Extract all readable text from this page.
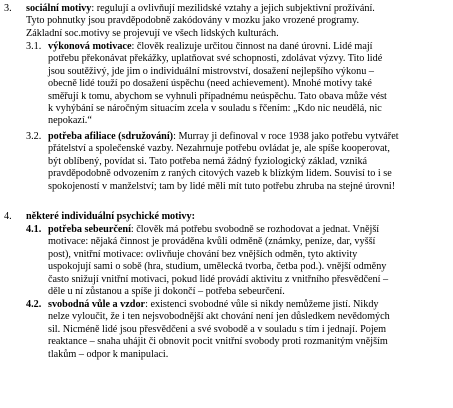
3. sociální motivy: regulují a ovlivňují mezilidské vztahy a jejich subjektivní prožívání.
Tyto pohnutky jsou pravděpodobně zakódovány v mozku jako vrozené programy.
Základní soc.motivy se projevují ve všech lidských kulturách.
3.1. výkonová motivace: člověk realizuje určitou činnost na dané úrovni. Lidé mají
potřebu překonávat překážky, uplatňovat své schopnosti, zdolávat výzvy. Tito lidé
jsou soutěživý, jde jim o individuální mistrovství, dosažení nejlepšího výkonu –
obecně lidé touží po dosažení úspěchu (need achievement). Mnohé motivy také
směřují k tomu, abychom se vyhnuli případnému neúspěchu. Tato obava může vést
k vyhýbání se náročným situacím zcela v souladu s řčením: „Kdo nic neudělá, nic
nepokazí.“
3.2. potřeba afiliace (sdružování): Murray ji definoval v roce 1938 jako potřebu vytvářet
přátelství a společenské vazby. Nezahrnuje potřebu ovládat je, ale spíše kooperovat,
být oblíbený, povídat si. Tato potřeba nemá žádný fyziologický základ, vzniká
pravděpodobně odvozením z raných citových vazeb k blízkým lidem. Souvisí to i se
spokojeností v manželství; tam by lidé měli mít tuto potřebu zhruba na stejné úrovni!
4. některé individuální psychické motivy:
4.1. potřeba sebeurčení: člověk má potřebu svobodně se rozhodovat a jednat. Vnější
motivace: nějaká činnost je prováděna kvůli odměně (známky, peníze, dar, vyšší
post), vnitřní motivace: ovlivňuje chování bez vnějších odměn, tyto aktivity
uspokojují sami o sobě (hra, studium, umělecká tvorba, četba pod.). vnější odměny
často snižují vnitřní motivaci, pokud lidé provádí aktivitu z vnitřního přesvědčení –
děle u ní zůstanou a spíše ji dokončí – potřeba sebeurčení.
4.2. svobodná vůle a vzdor: existenci svobodné vůle si nikdy nemůžeme jistí. Nikdy
nelze vyloučit, že i ten nejsvobodnější akt chování není jen důsledkem nevědomých
sil. Nicméně lidé jsou přesvědčeni a své svobodě a v souladu s tím i jednají. Pojem
reaktance – snaha uhájit či obnovit pocit vnitřní svobody proti rozmanitým vnějším
tlakům – odpor k manipulaci.
